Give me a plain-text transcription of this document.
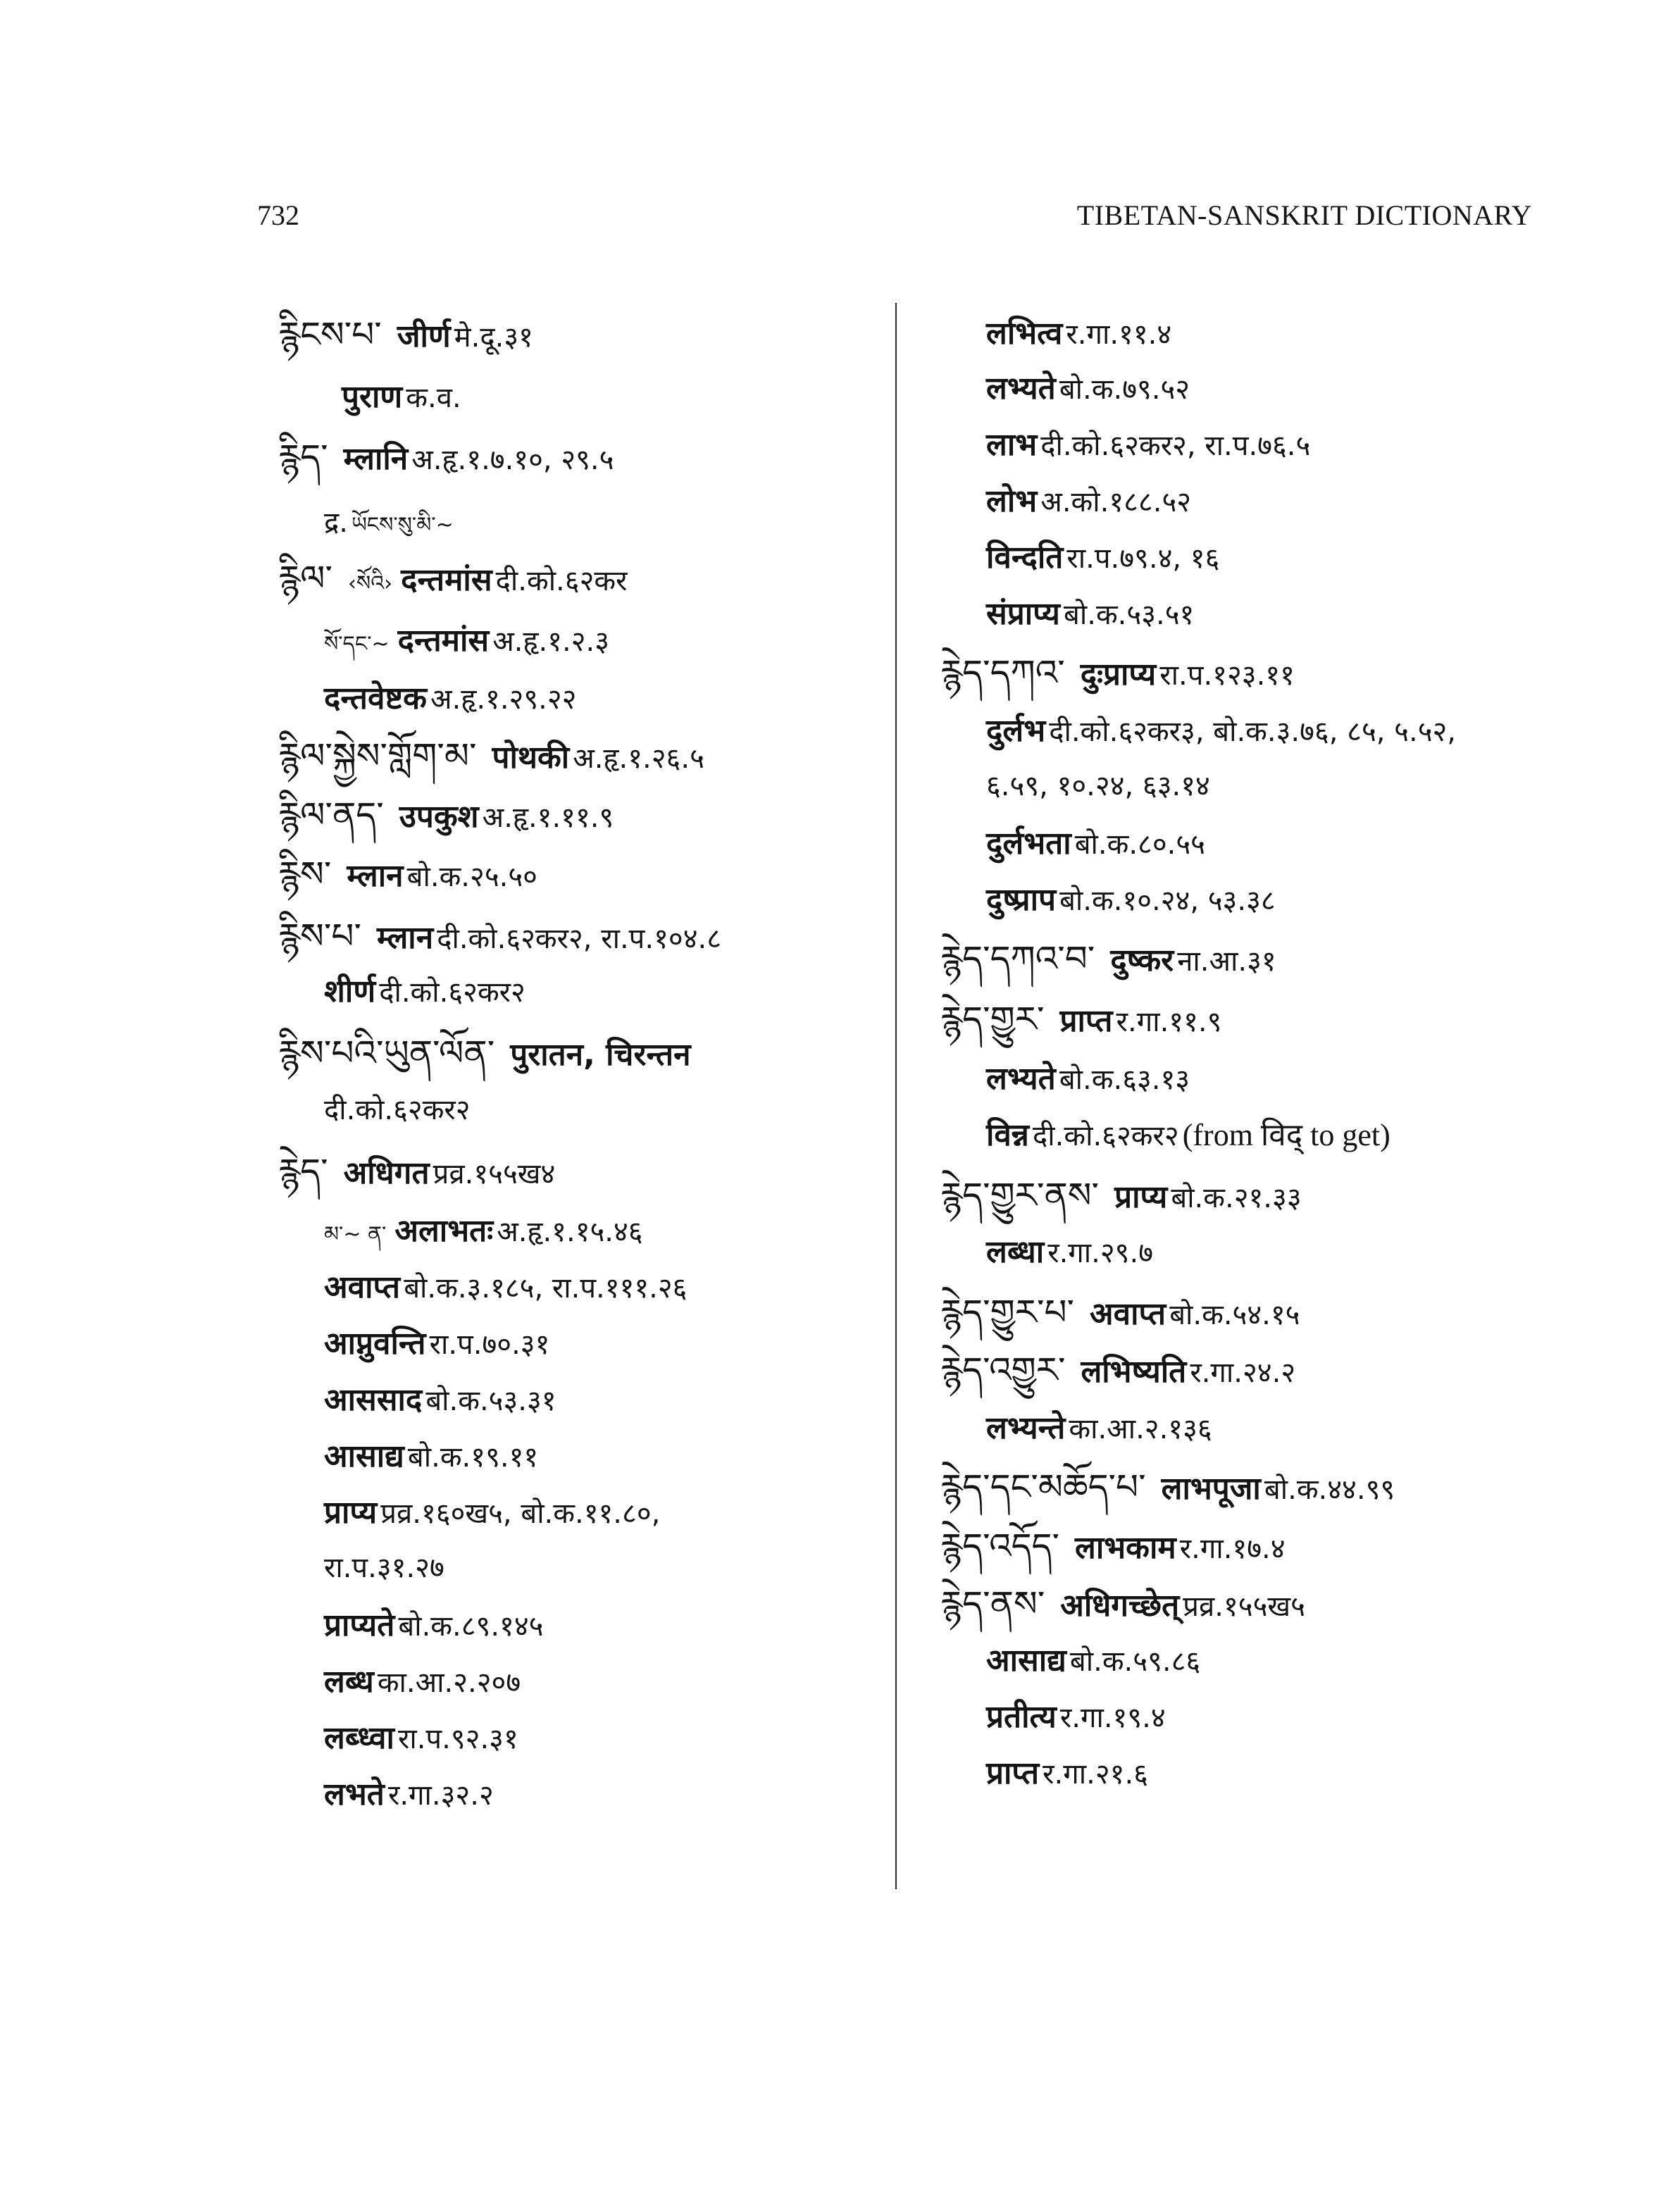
732	TIBETAN-SANSKRIT DICTIONARY
རྙིངས་པ་ जीर्ण मे.दू.३१
पुराण क.व.
རྙིད་ म्लानि अ.हृ.१.७.१०, २९.५
द्र. ཡོངས་སུ་མི་~
རྙིལ་ ‹སོའི› दन्तमांस दी.को.६२कर
སོ་དང་~ दन्तमांस अ.हृ.१.२.३
दन्तवेष्टक अ.हृ.१.२९.२२
རྙིལ་སྐྱེས་གློག་མ་ पोथकी अ.हृ.१.२६.५
རྙིལ་ནད་ उपकुश अ.हृ.१.११.९
རྙིས་ म्लान बो.क.२५.५०
རྙིས་པ་ म्लान दी.को.६२कर२, रा.प.१०४.८
शीर्ण दी.को.६२कर२
རྙིས་པའི་ཡུན་ལོན་ पुरातन, चिरन्तन
दी.को.६२कर२
རྙེད་ अधिगत प्रव्र.१५५ख४
མ་~ ན་ अलाभतः अ.हृ.१.१५.४६
अवाप्त बो.क.३.१८५, रा.प.१११.२६
आप्नुवन्ति रा.प.७०.३१
आससाद बो.क.५३.३१
आसाद्य बो.क.१९.११
प्राप्य प्रव्र.१६०ख५, बो.क.११.८०,
रा.प.३१.२७
प्राप्यते बो.क.८९.१४५
लब्ध का.आ.२.२०७
लब्ध्वा रा.प.९२.३१
लभते र.गा.३२.२
लभित्व र.गा.११.४
लभ्यते बो.क.७९.५२
लाभ दी.को.६२कर२, रा.प.७६.५
लोभ अ.को.१८८.५२
विन्दति रा.प.७९.४, १६
संप्राप्य बो.क.५३.५१
རྙེད་དཀའ་ दुःप्राप्य रा.प.१२३.११
दुर्लभ दी.को.६२कर३, बो.क.३.७६, ८५, ५.५२,
६.५९, १०.२४, ६३.१४
दुर्लभता बो.क.८०.५५
दुष्प्राप बो.क.१०.२४, ५३.३८
རྙེད་དཀའ་བ་ दुष्कर ना.आ.३१
རྙེད་གྱུར་ प्राप्त र.गा.११.९
लभ्यते बो.क.६३.१३
विन्न दी.को.६२कर२ (from विद् to get)
རྙེད་གྱུར་ནས་ प्राप्य बो.क.२१.३३
लब्धा र.गा.२९.७
རྙེད་གྱུར་པ་ अवाप्त बो.क.५४.१५
རྙེད་འགྱུར་ लभिष्यति र.गा.२४.२
लभ्यन्ते का.आ.२.१३६
རྙེད་དང་མཆོད་པ་ लाभपूजा बो.क.४४.९९
རྙེད་འདོད་ लाभकाम र.गा.१७.४
རྙེད་ནས་ अधिगच्छेत् प्रव्र.१५५ख५
आसाद्य बो.क.५९.८६
प्रतीत्य र.गा.१९.४
प्राप्त र.गा.२१.६
